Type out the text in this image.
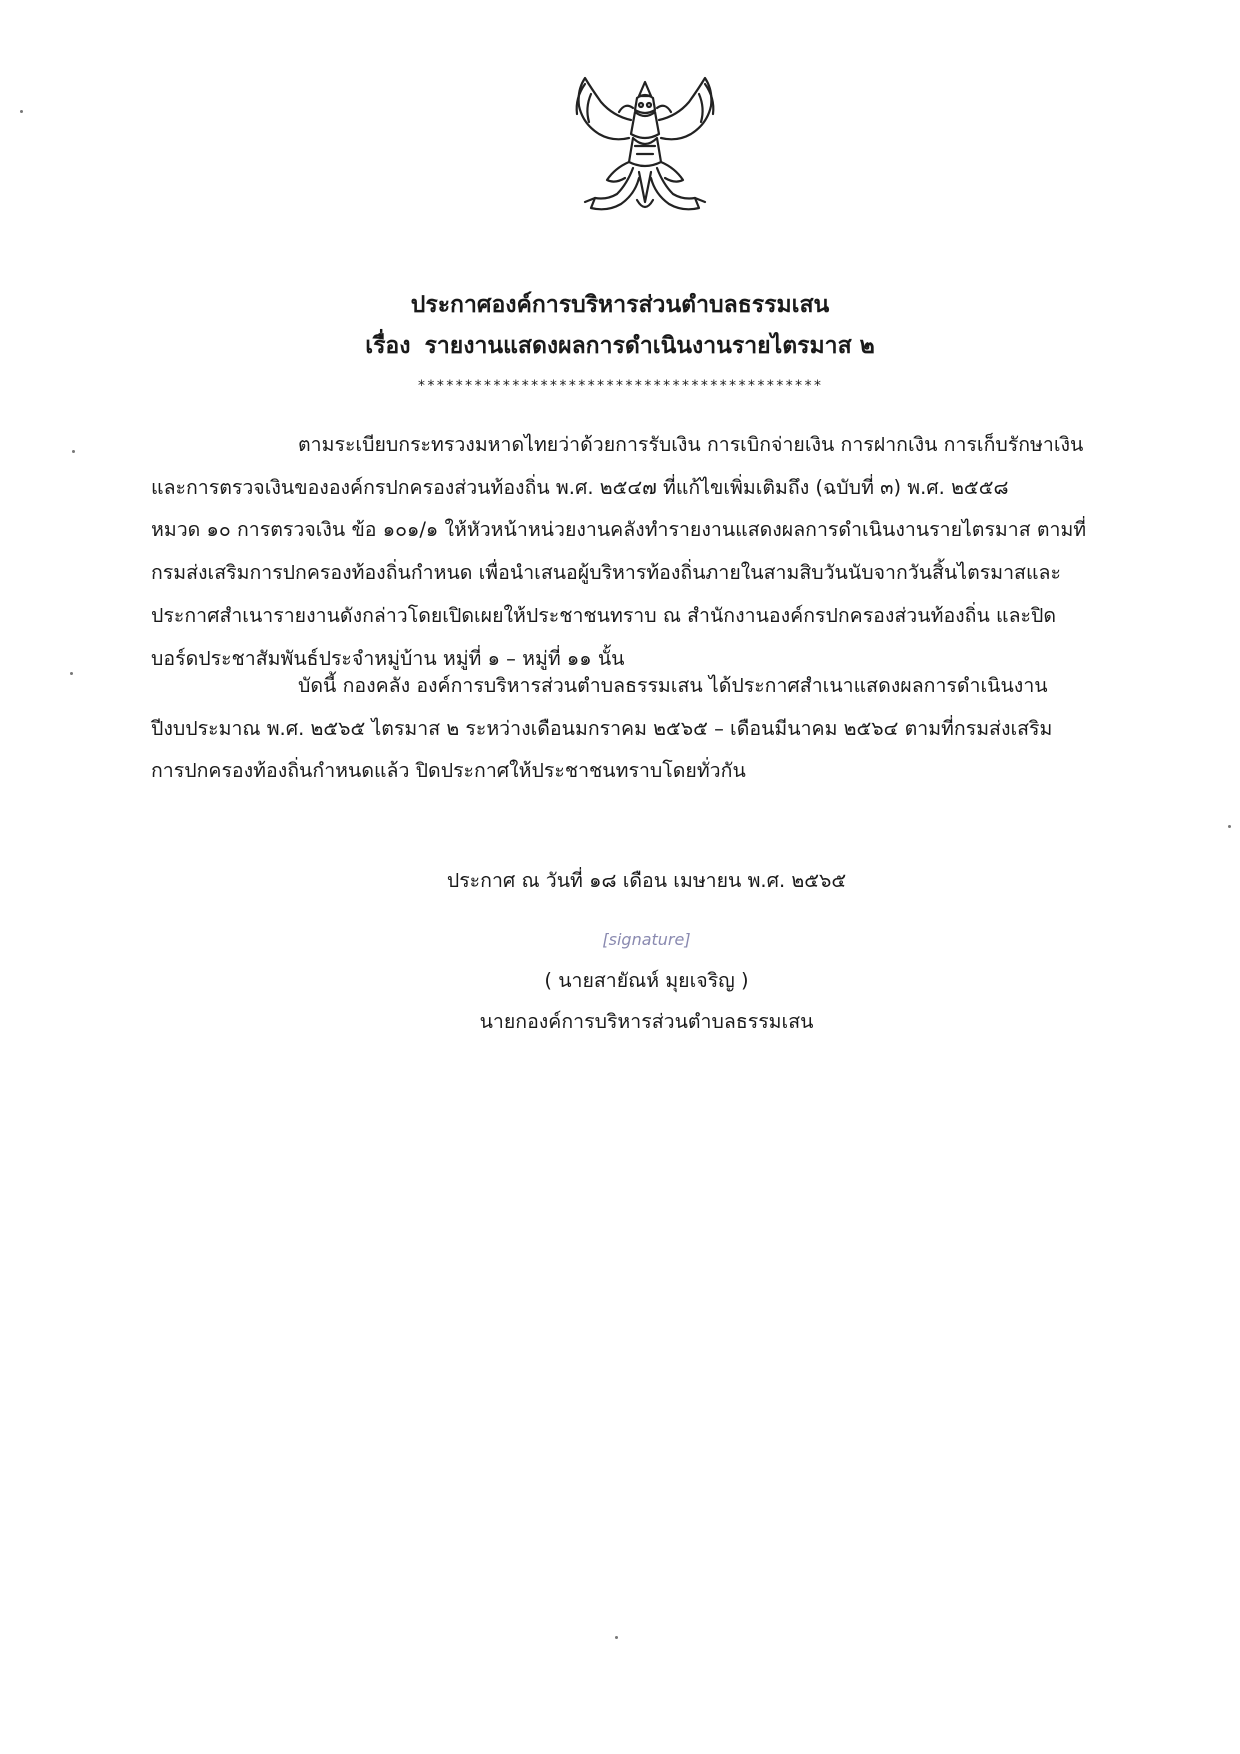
ประกาศองค์การบริหารส่วนตำบลธรรมเสน
เรื่อง รายงานแสดงผลการดำเนินงานรายไตรมาส ๒
*******************************************
ตามระเบียบกระทรวงมหาดไทยว่าด้วยการรับเงิน การเบิกจ่ายเงิน การฝากเงิน การเก็บรักษาเงิน
และการตรวจเงินขององค์กรปกครองส่วนท้องถิ่น พ.ศ. ๒๕๔๗ ที่แก้ไขเพิ่มเติมถึง (ฉบับที่ ๓) พ.ศ. ๒๕๕๘
หมวด ๑๐ การตรวจเงิน ข้อ ๑๐๑/๑ ให้หัวหน้าหน่วยงานคลังทำรายงานแสดงผลการดำเนินงานรายไตรมาส ตามที่
กรมส่งเสริมการปกครองท้องถิ่นกำหนด เพื่อนำเสนอผู้บริหารท้องถิ่นภายในสามสิบวันนับจากวันสิ้นไตรมาสและ
ประกาศสำเนารายงานดังกล่าวโดยเปิดเผยให้ประชาชนทราบ ณ สำนักงานองค์กรปกครองส่วนท้องถิ่น และปิด
บอร์ดประชาสัมพันธ์ประจำหมู่บ้าน หมู่ที่ ๑ – หมู่ที่ ๑๑ นั้น
บัดนี้ กองคลัง องค์การบริหารส่วนตำบลธรรมเสน ได้ประกาศสำเนาแสดงผลการดำเนินงาน
ปีงบประมาณ พ.ศ. ๒๕๖๕ ไตรมาส ๒ ระหว่างเดือนมกราคม ๒๕๖๕ – เดือนมีนาคม ๒๕๖๔ ตามที่กรมส่งเสริม
การปกครองท้องถิ่นกำหนดแล้ว ปิดประกาศให้ประชาชนทราบโดยทั่วกัน
ประกาศ ณ วันที่ ๑๘ เดือน เมษายน พ.ศ. ๒๕๖๕
[signature]
( นายสายัณห์ มุยเจริญ )
นายกองค์การบริหารส่วนตำบลธรรมเสน
